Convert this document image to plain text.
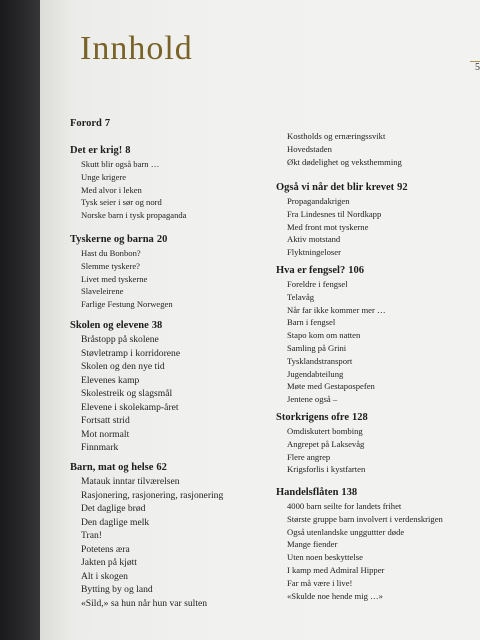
5
Innhold
Forord 7
Det er krig! 8
Skutt blir også barn …
Unge krigere
Med alvor i leken
Tysk seier i sør og nord
Norske barn i tysk propaganda
Tyskerne og barna 20
Hast du Bonbon?
Slemme tyskere?
Livet med tyskerne
Slaveleirene
Farlige Festung Norwegen
Skolen og elevene 38
Bråstopp på skolene
Støvletramp i korridorene
Skolen og den nye tid
Elevenes kamp
Skolestreik og slagsmål
Elevene i skolekamp-året
Fortsatt strid
Mot normalt
Finnmark
Barn, mat og helse 62
Matauk inntar tilværelsen
Rasjonering, rasjonering, rasjonering
Det daglige brød
Den daglige melk
Tran!
Potetens æra
Jakten på kjøtt
Alt i skogen
Bytting by og land
«Sild,» sa hun når hun var sulten
Kostholds og ernæringssvikt
Hovedstaden
Økt dødelighet og veksthemming
Også vi når det blir krevet 92
Propagandakrigen
Fra Lindesnes til Nordkapp
Med front mot tyskerne
Aktiv motstand
Flyktningeloser
Hva er fengsel? 106
Foreldre i fengsel
Telavåg
Når far ikke kommer mer …
Barn i fengsel
Stapo kom om natten
Samling på Grini
Tysklandstransport
Jugendabteilung
Møte med Gestapospefen
Jentene også –
Storkrigens ofre 128
Omdiskutert bombing
Angrepet på Laksevåg
Flere angrep
Krigsforlis i kystfarten
Handelsflåten 138
4000 barn seilte for landets frihet
Største gruppe barn involvert i verdenskrigen
Også utenlandske ungguttter døde
Mange fiender
Uten noen beskyttelse
I kamp med Admiral Hipper
Far må være i live!
«Skulde noe hende mig …»
